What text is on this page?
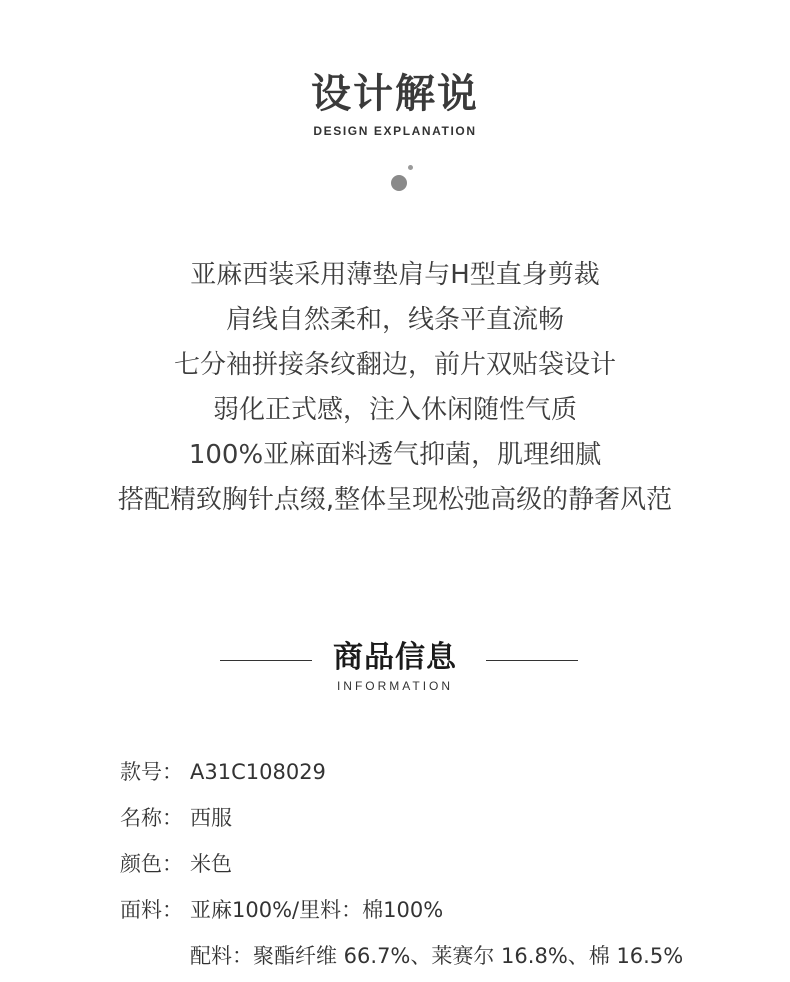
设计解说
DESIGN EXPLANATION
亚麻西装采用薄垫肩与H型直身剪裁
肩线自然柔和，线条平直流畅
七分袖拼接条纹翻边，前片双贴袋设计
弱化正式感，注入休闲随性气质
100%亚麻面料透气抑菌，肌理细腻
搭配精致胸针点缀,整体呈现松弛高级的静奢风范
商品信息
INFORMATION
款号： A31C108029
名称： 西服
颜色： 米色
面料： 亚麻100%/里料：棉100%
配料：聚酯纤维 66.7%、莱赛尔 16.8%、棉 16.5%
